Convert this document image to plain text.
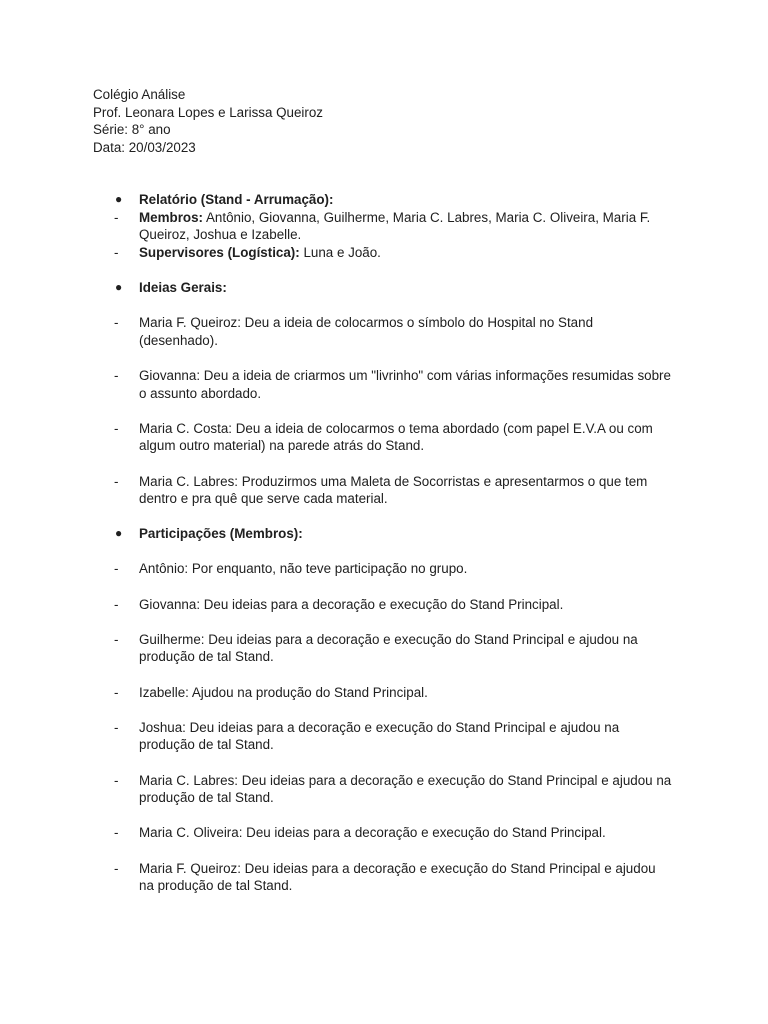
Colégio Análise
Prof. Leonara Lopes e Larissa Queiroz
Série: 8° ano
Data: 20/03/2023
● Relatório (Stand - Arrumação):
- Membros: Antônio, Giovanna, Guilherme, Maria C. Labres, Maria C. Oliveira, Maria F. Queiroz, Joshua e Izabelle.
- Supervisores (Logística): Luna e João.
● Ideias Gerais:
- Maria F. Queiroz: Deu a ideia de colocarmos o símbolo do Hospital no Stand (desenhado).
- Giovanna: Deu a ideia de criarmos um "livrinho" com várias informações resumidas sobre o assunto abordado.
- Maria C. Costa: Deu a ideia de colocarmos o tema abordado (com papel E.V.A ou com algum outro material) na parede atrás do Stand.
- Maria C. Labres: Produzirmos uma Maleta de Socorristas e apresentarmos o que tem dentro e pra quê que serve cada material.
● Participações (Membros):
- Antônio: Por enquanto, não teve participação no grupo.
- Giovanna: Deu ideias para a decoração e execução do Stand Principal.
- Guilherme: Deu ideias para a decoração e execução do Stand Principal e ajudou na produção de tal Stand.
- Izabelle: Ajudou na produção do Stand Principal.
- Joshua: Deu ideias para a decoração e execução do Stand Principal e ajudou na produção de tal Stand.
- Maria C. Labres: Deu ideias para a decoração e execução do Stand Principal e ajudou na produção de tal Stand.
- Maria C. Oliveira: Deu ideias para a decoração e execução do Stand Principal.
- Maria F. Queiroz: Deu ideias para a decoração e execução do Stand Principal e ajudou na produção de tal Stand.
